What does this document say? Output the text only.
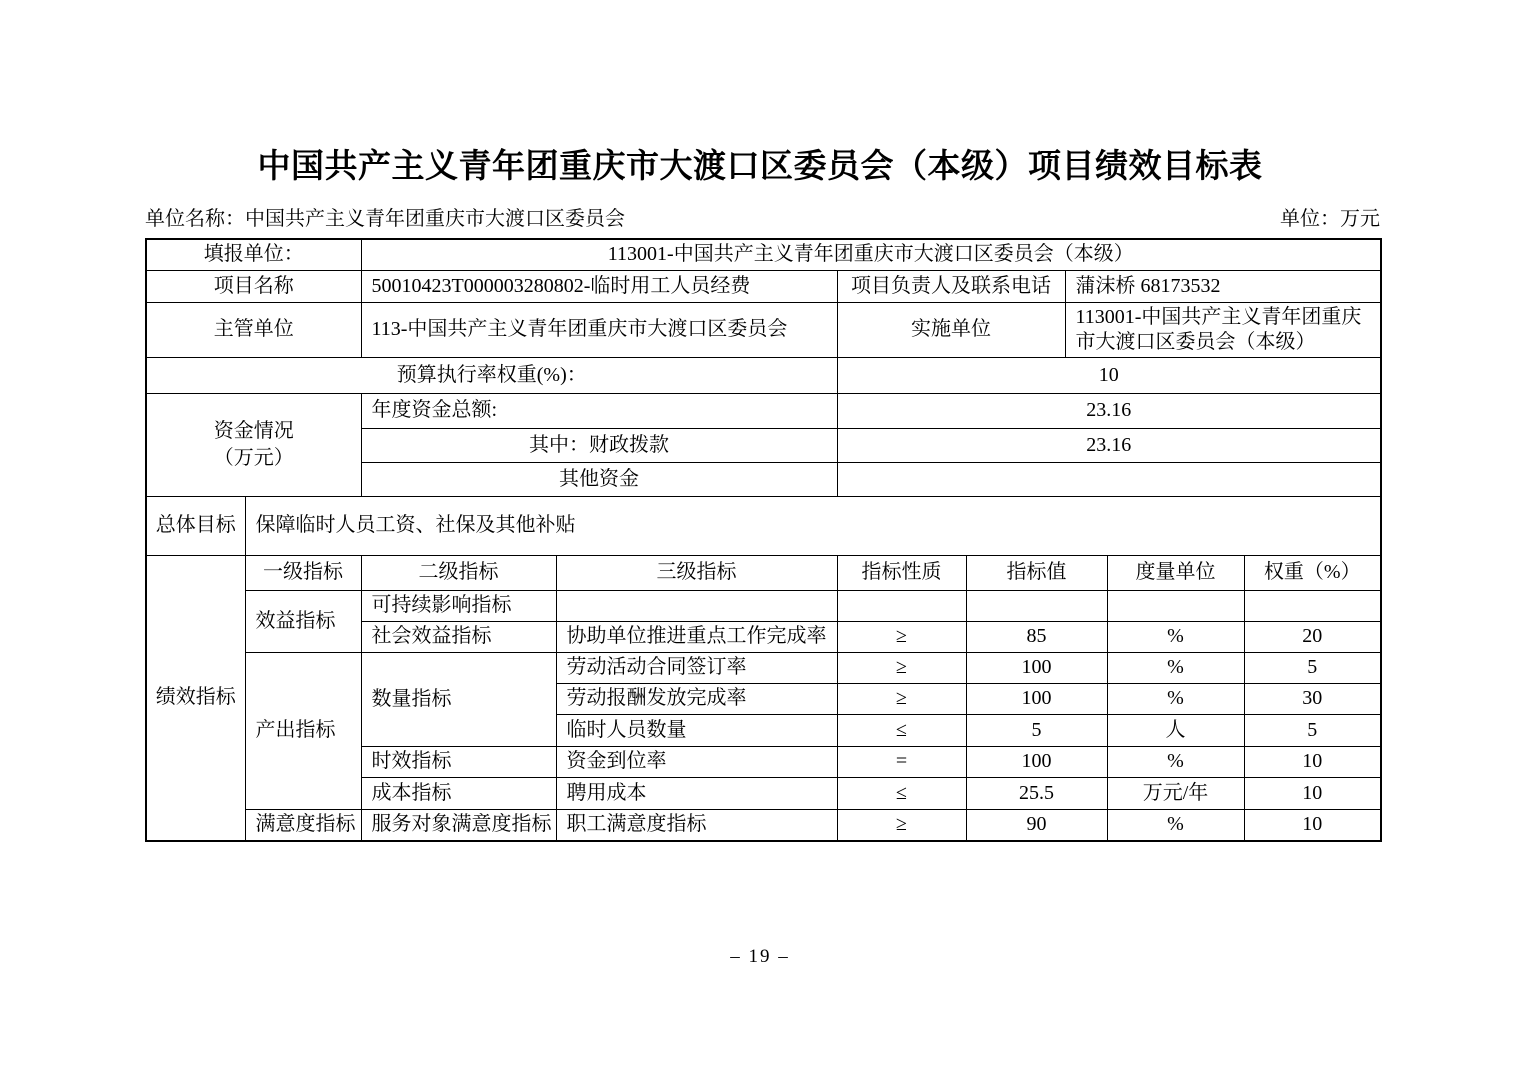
中国共产主义青年团重庆市大渡口区委员会（本级）项目绩效目标表
单位名称：中国共产主义青年团重庆市大渡口区委员会	单位：万元
填报单位：		113001-中国共产主义青年团重庆市大渡口区委员会（本级）						
项目名称		50010423T000003280802-临时用工人员经费		项目负责人及联系电话		蒲沫桥 68173532		
主管单位		113-中国共产主义青年团重庆市大渡口区委员会		实施单位		113001-中国共产主义青年团重庆市大渡口区委员会（本级）		
预算执行率权重(%)：				10				

资金情况
（万元）		年度资金总额:		23.16				
		其中：财政拨款		23.16				
		其他资金						
总体目标	保障临时人员工资、社保及其他补贴							
绩效指标	一级指标	二级指标	三级指标	指标性质	指标值		度量单位	权重（%）
	效益指标	可持续影响指标						
		社会效益指标	协助单位推进重点工作完成率	≥	85		%	20
	产出指标	数量指标	劳动活动合同签订率	≥	100		%	5
			劳动报酬发放完成率	≥	100		%	30
			临时人员数量	≤	5		人	5
		时效指标	资金到位率	=	100		%	10
		成本指标	聘用成本	≤	25.5		万元/年	10
	满意度指标	服务对象满意度指标	职工满意度指标	≥	90		%	10
– 19 –
